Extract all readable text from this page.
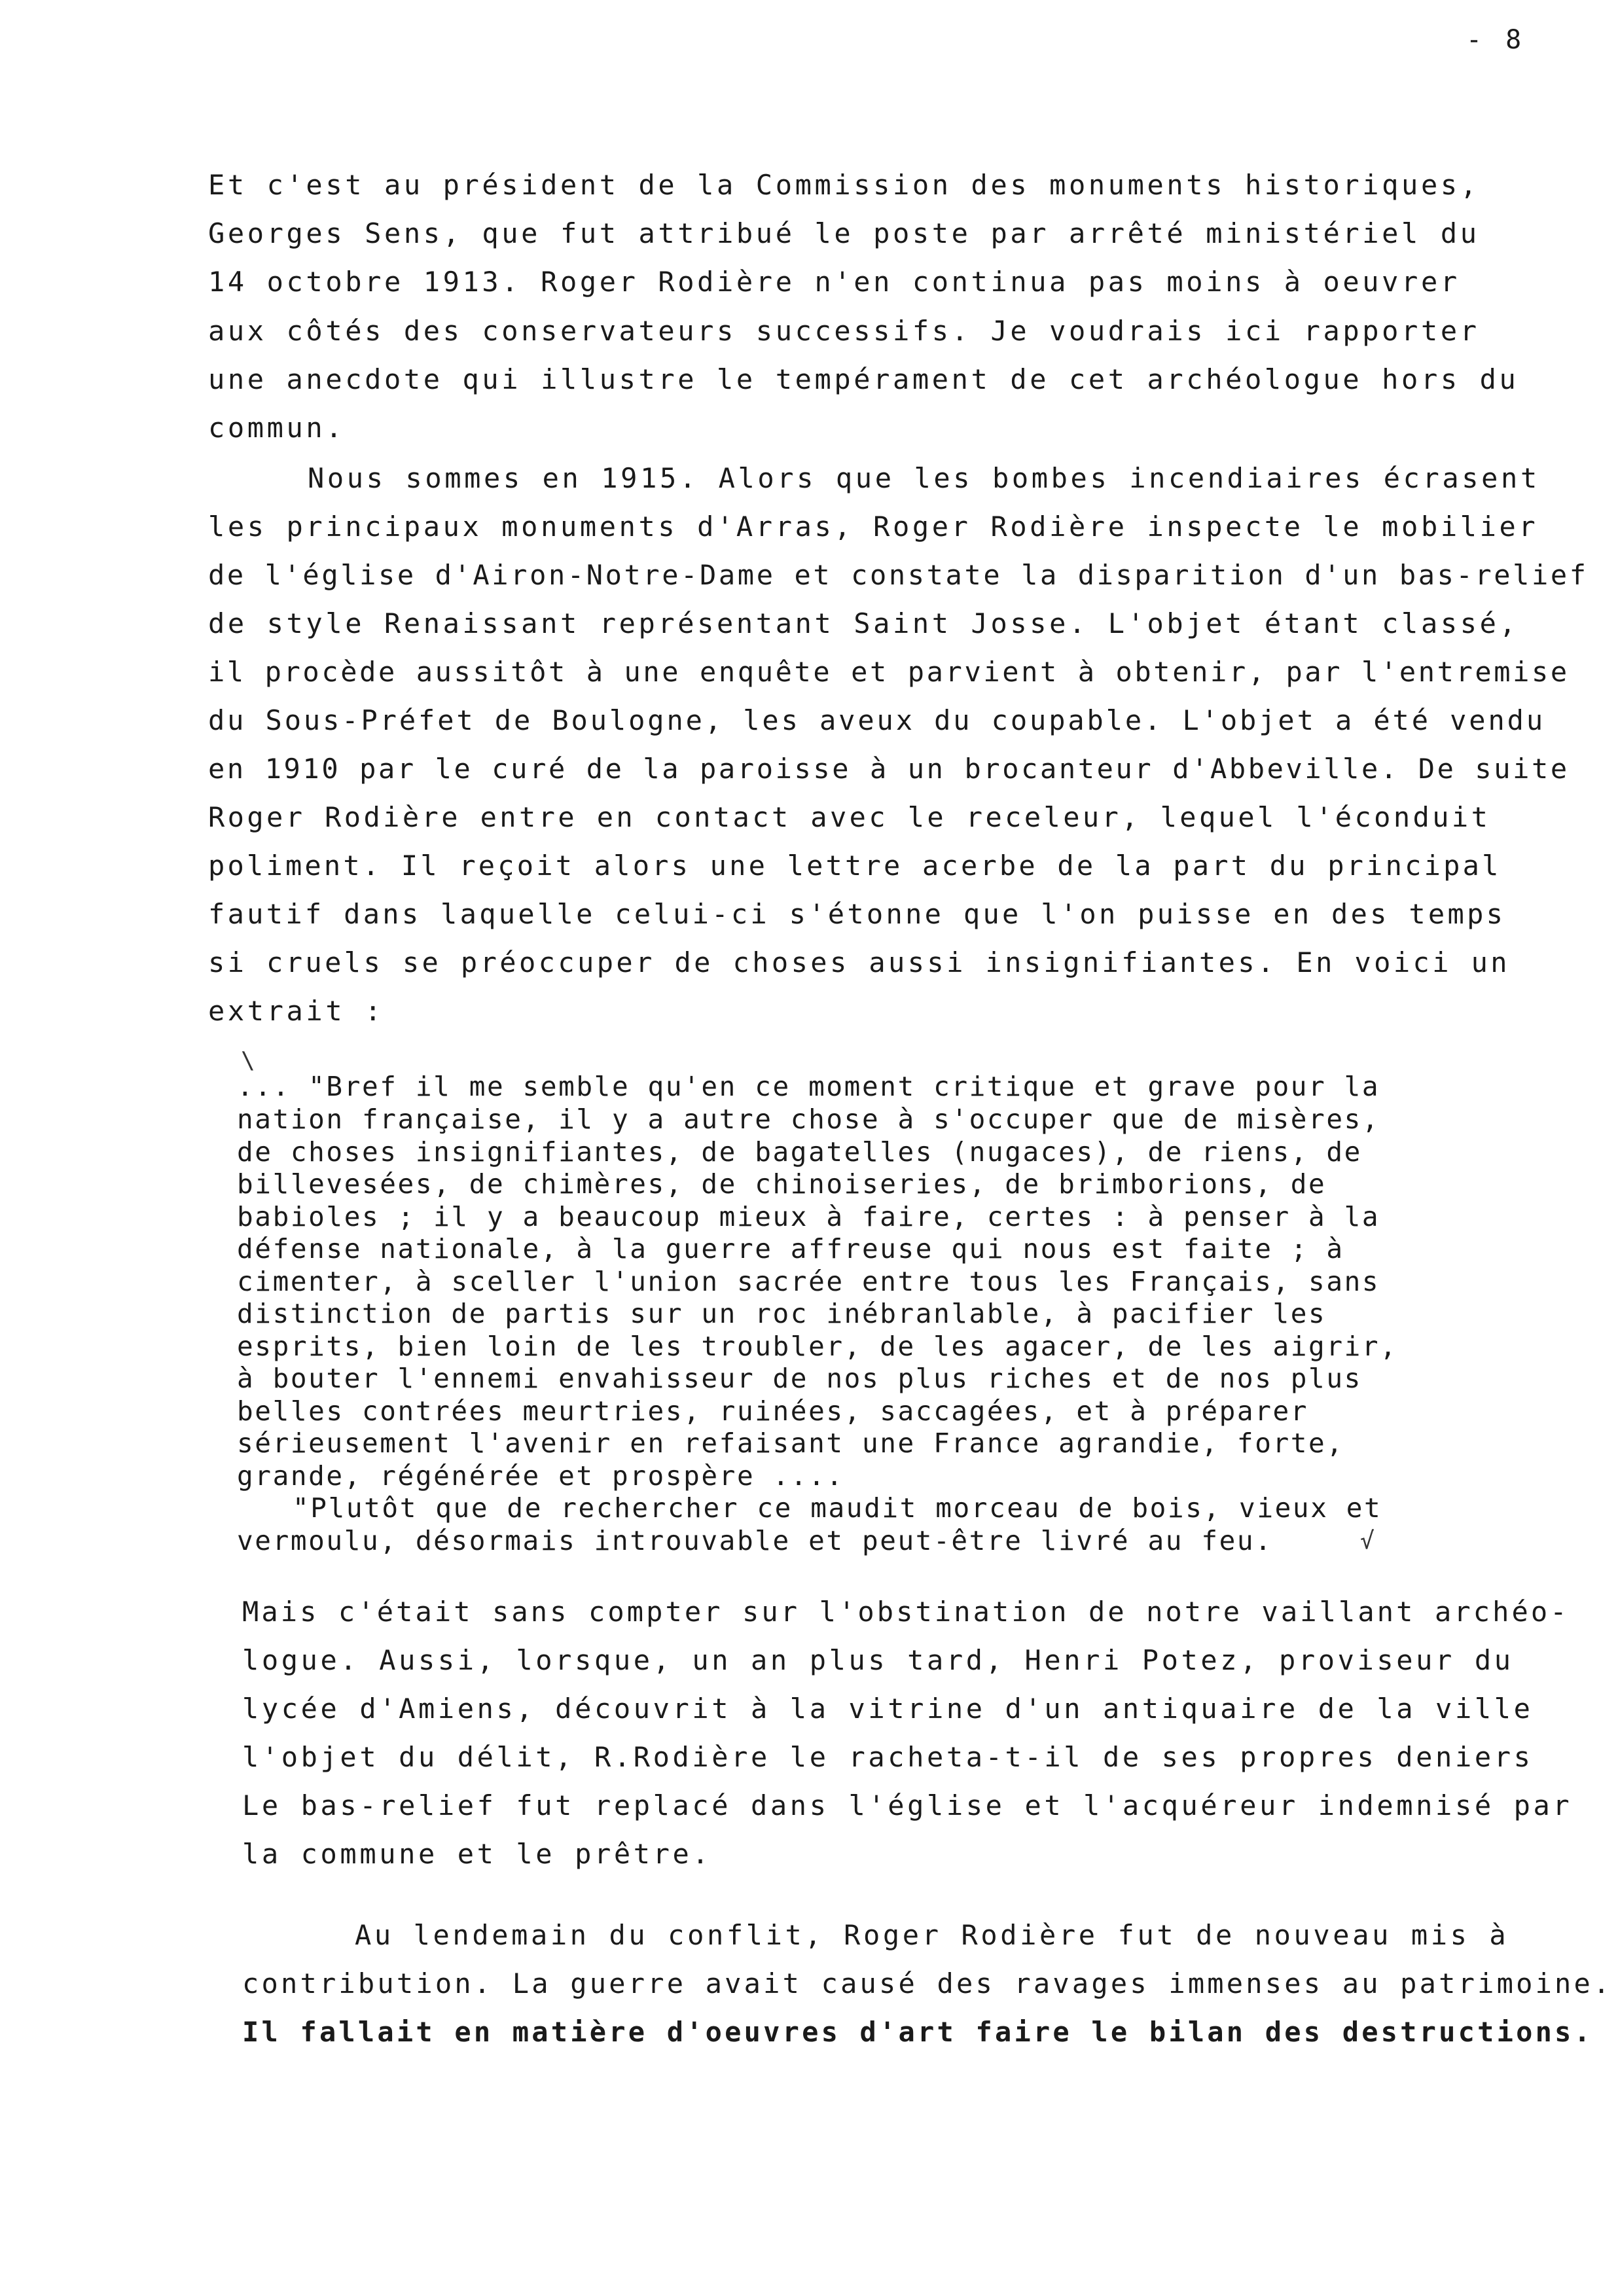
- 8
Et c'est au président de la Commission des monuments historiques,
Georges Sens, que fut attribué le poste par arrêté ministériel du
14 octobre 1913. Roger Rodière n'en continua pas moins à oeuvrer
aux côtés des conservateurs successifs. Je voudrais ici rapporter
une anecdote qui illustre le tempérament de cet archéologue hors du
commun.
Nous sommes en 1915. Alors que les bombes incendiaires écrasent
les principaux monuments d'Arras, Roger Rodière inspecte le mobilier
de l'église d'Airon-Notre-Dame et constate la disparition d'un bas-relief
de style Renaissant représentant Saint Josse. L'objet étant classé,
il procède aussitôt à une enquête et parvient à obtenir, par l'entremise
du Sous-Préfet de Boulogne, les aveux du coupable. L'objet a été vendu
en 1910 par le curé de la paroisse à un brocanteur d'Abbeville. De suite
Roger Rodière entre en contact avec le receleur, lequel l'éconduit
poliment. Il reçoit alors une lettre acerbe de la part du principal
fautif dans laquelle celui-ci s'étonne que l'on puisse en des temps
si cruels se préoccuper de choses aussi insignifiantes. En voici un
extrait :
\
... "Bref il me semble qu'en ce moment critique et grave pour la
nation française, il y a autre chose à s'occuper que de misères,
de choses insignifiantes, de bagatelles (nugaces), de riens, de
billevesées, de chimères, de chinoiseries, de brimborions, de
babioles ; il y a beaucoup mieux à faire, certes : à penser à la
défense nationale, à la guerre affreuse qui nous est faite ; à
cimenter, à sceller l'union sacrée entre tous les Français, sans
distinction de partis sur un roc inébranlable, à pacifier les
esprits, bien loin de les troubler, de les agacer, de les aigrir,
à bouter l'ennemi envahisseur de nos plus riches et de nos plus
belles contrées meurtries, ruinées, saccagées, et à préparer
sérieusement l'avenir en refaisant une France agrandie, forte,
grande, régénérée et prospère ....
"Plutôt que de rechercher ce maudit morceau de bois, vieux et
vermoulu, désormais introuvable et peut-être livré au feu.	√
Mais c'était sans compter sur l'obstination de notre vaillant archéo-
logue. Aussi, lorsque, un an plus tard, Henri Potez, proviseur du
lycée d'Amiens, découvrit à la vitrine d'un antiquaire de la ville
l'objet du délit, R.Rodière le racheta-t-il de ses propres deniers
Le bas-relief fut replacé dans l'église et l'acquéreur indemnisé par
la commune et le prêtre.
Au lendemain du conflit, Roger Rodière fut de nouveau mis à
contribution. La guerre avait causé des ravages immenses au patrimoine.
Il fallait en matière d'oeuvres d'art faire le bilan des destructions.
